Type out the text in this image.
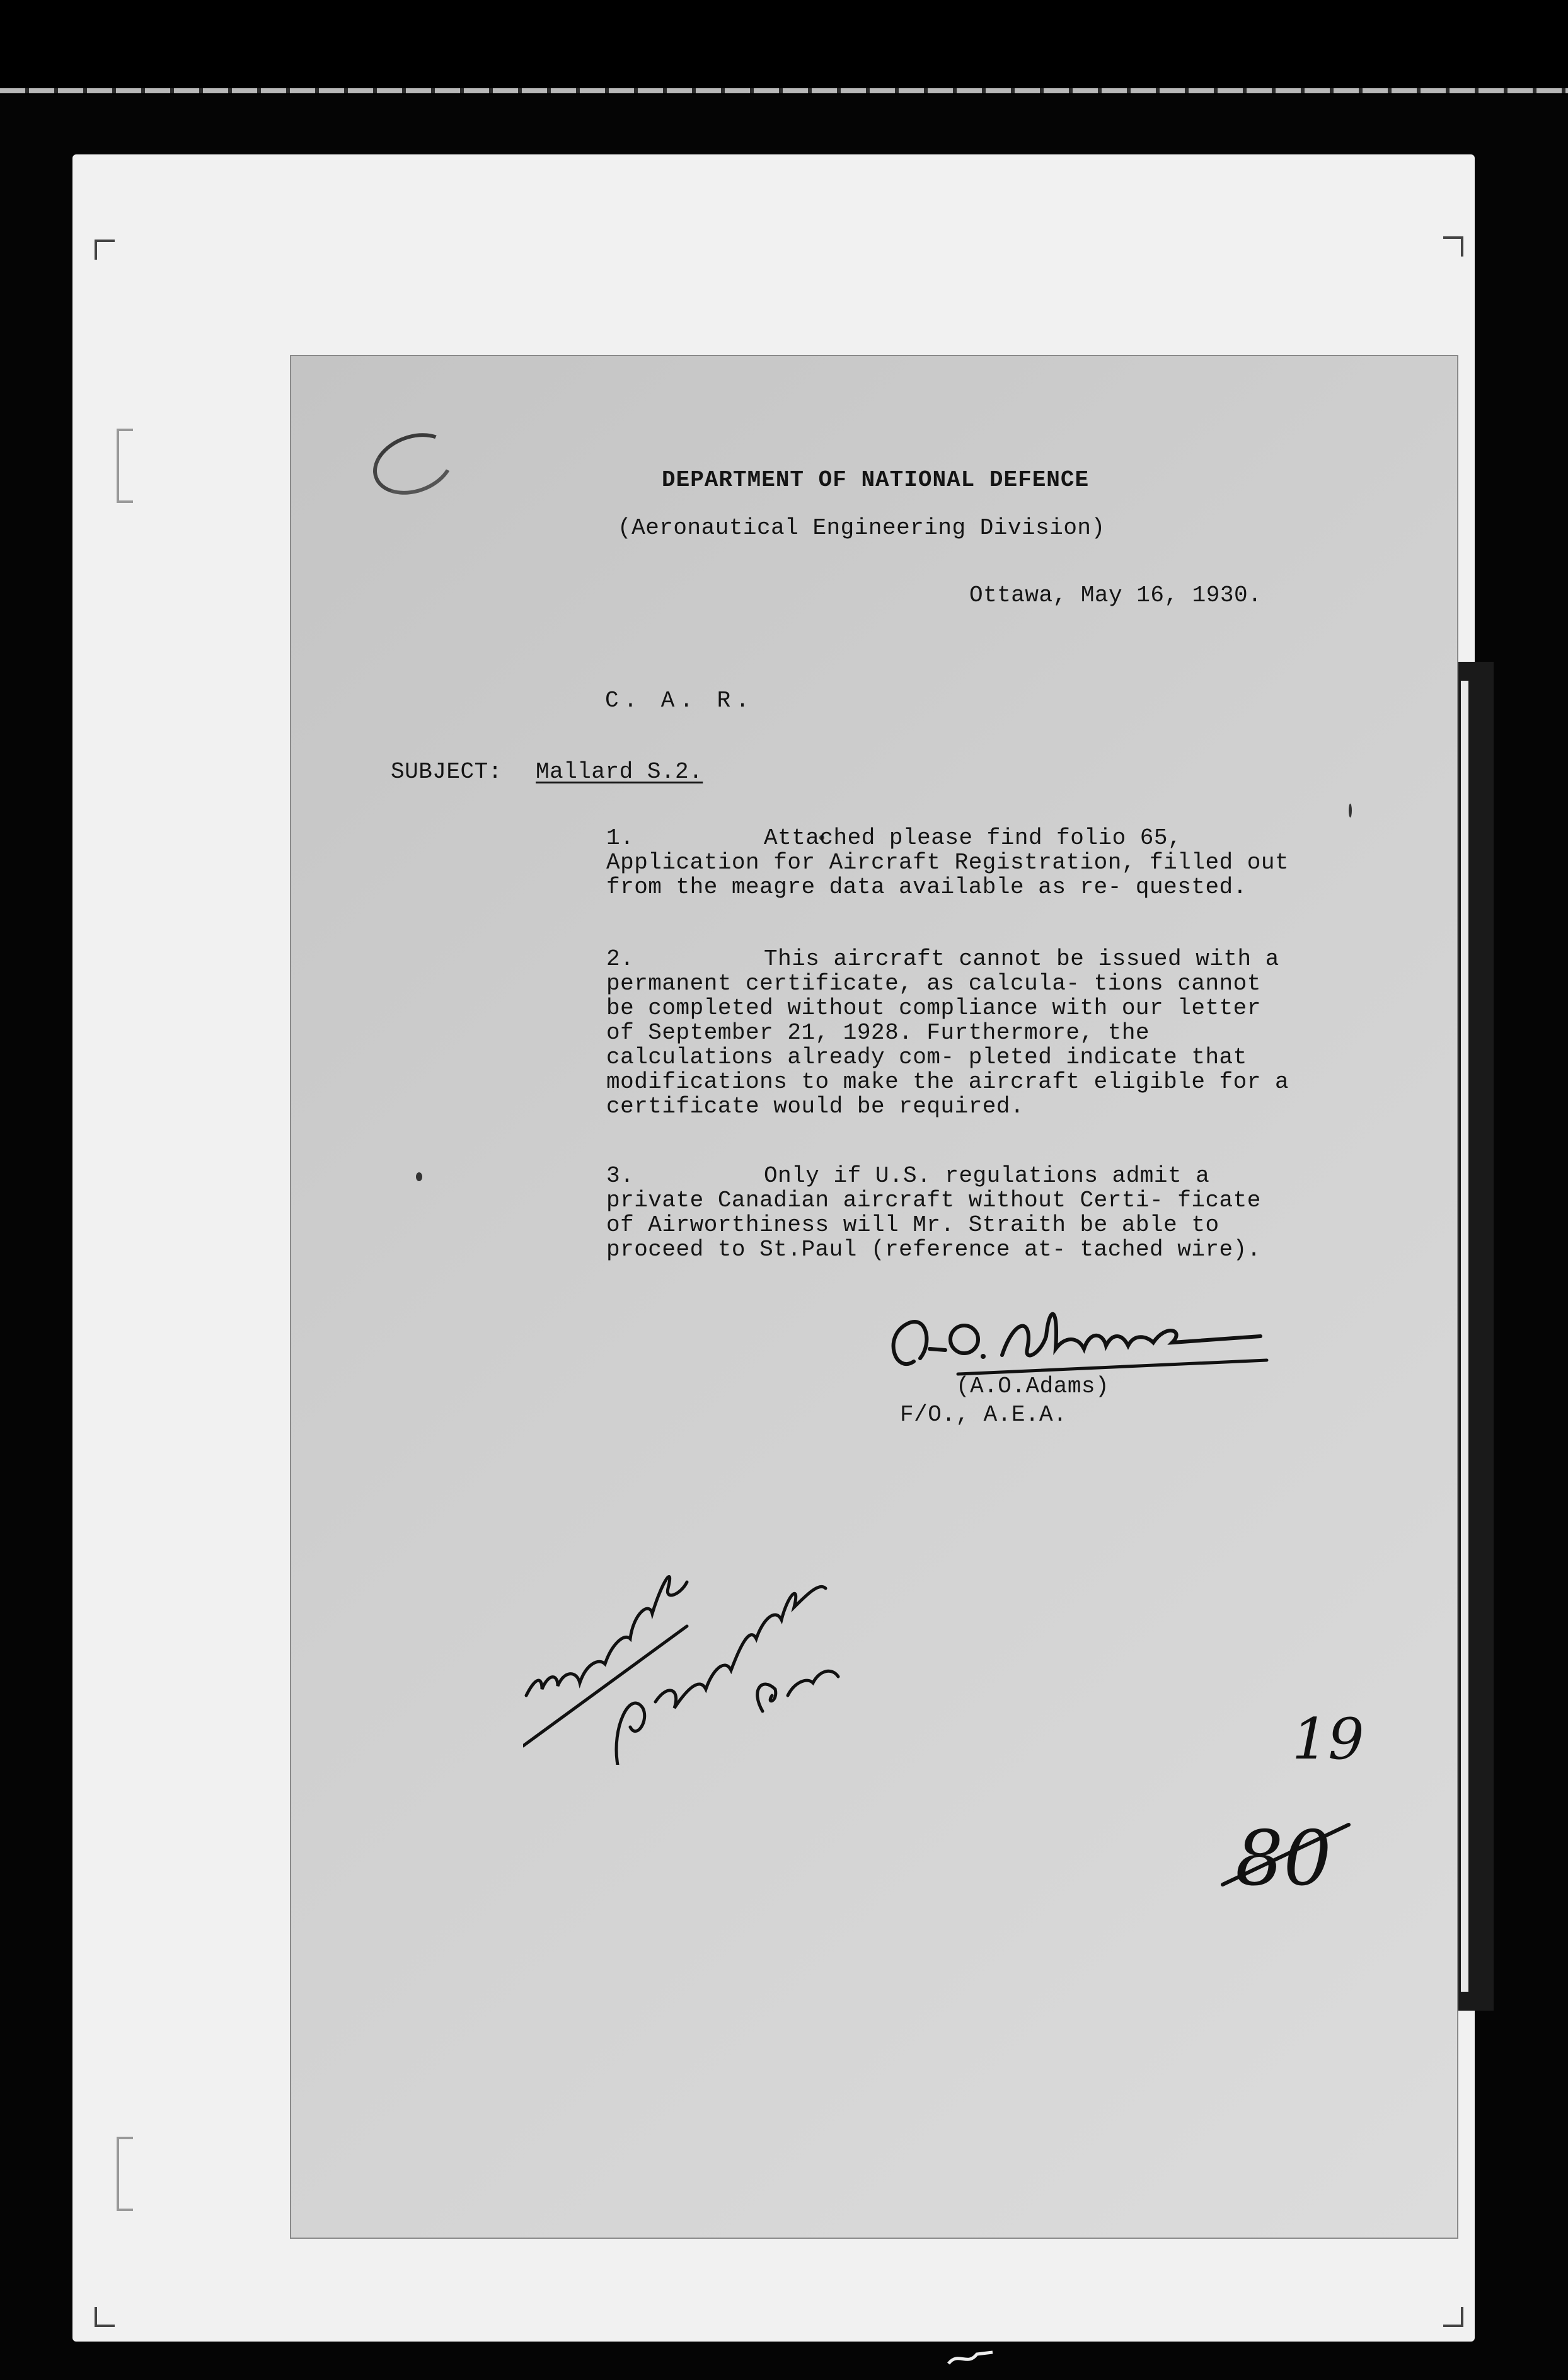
DEPARTMENT OF NATIONAL DEFENCE
(Aeronautical Engineering Division)
Ottawa, May 16, 1930.
C. A. R.
SUBJECT: Mallard S.2.
1.	Attached please find folio 65, Application for Aircraft Registration, filled out from the meagre data available as re- quested.
2.	This aircraft cannot be issued with a permanent certificate, as calcula- tions cannot be completed without compliance with our letter of September 21, 1928. Furthermore, the calculations already com- pleted indicate that modifications to make the aircraft eligible for a certificate would be required.
3.	Only if U.S. regulations admit a private Canadian aircraft without Certi- ficate of Airworthiness will Mr. Straith be able to proceed to St.Paul (reference at- tached wire).
(A.O.Adams)
F/O., A.E.A.
19
80
